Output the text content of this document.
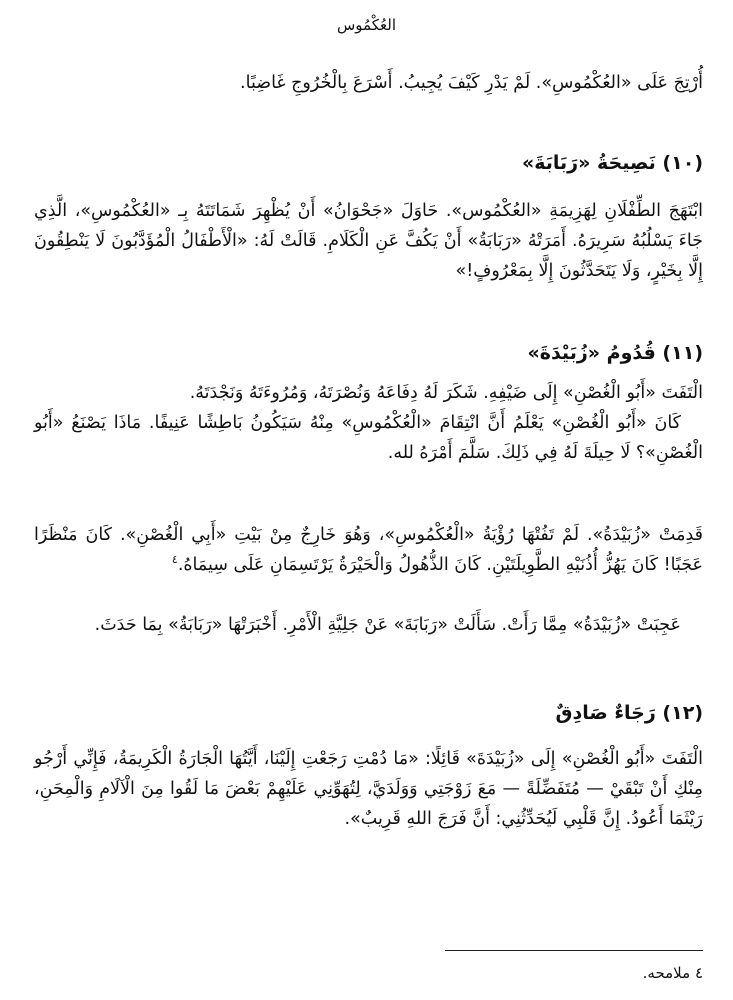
العُكْمُوس

أُرْتِجَ عَلَى «العُكْمُوسِ». لَمْ يَدْرِ كَيْفَ يُجِيبُ. أَسْرَعَ بِالْخُرُوجِ غَاضِبًا.

(١٠) نَصِيحَةُ «رَبَابَةَ»

ابْتَهَجَ الطِّفْلَانِ لِهَزِيمَةِ «العُكْمُوس». حَاوَلَ «جَحْوَانُ» أَنْ يُظْهِرَ شَمَاتَتَهُ بِـ «العُكْمُوسِ»، الَّذِي جَاءَ يَسْلُبُهُ سَرِيرَهُ. أَمَرَتْهُ «رَبَابَةُ» أَنْ يَكُفَّ عَنِ الْكَلَامِ. قَالَتْ لَهُ: «الْأَطْفَالُ الْمُؤَدَّبُونَ لَا يَنْطِقُونَ إِلَّا بِخَيْرٍ، وَلَا يَتَحَدَّثُونَ إِلَّا بِمَعْرُوفٍ!»

(١١) قُدُومُ «زُبَيْدَةَ»

الْتَفَتَ «أَبُو الْغُصْنِ» إِلَى ضَيْفِهِ. شَكَرَ لَهُ دِفَاعَهُ وَنُصْرَتَهُ، وَمُرُوءَتَهُ وَنَجْدَتَهُ.

كَانَ «أَبُو الْغُصْنِ» يَعْلَمُ أَنَّ انْتِقَامَ «الْعُكْمُوسِ» مِنْهُ سَيَكُونُ بَاطِشًا عَنِيفًا. مَاذَا يَصْنَعُ «أَبُو الْغُصْنِ»؟ لَا حِيلَةَ لَهُ فِي ذَلِكَ. سَلَّمَ أَمْرَهُ لله.

قَدِمَتْ «زُبَيْدَةُ». لَمْ تَفُتْهَا رُؤْيَةُ «الْعُكْمُوسِ»، وَهُوَ خَارِجٌ مِنْ بَيْتِ «أَبِي الْغُصْنِ». كَانَ مَنْظَرًا عَجَبًا! كَانَ يَهُزُّ أُذُنَيْهِ الطَّوِيلَتَيْنِ. كَانَ الذُّهُولُ وَالْحَيْرَةُ يَرْتَسِمَانِ عَلَى سِيمَاهُ.$^٤$

عَجِبَتْ «زُبَيْدَةُ» مِمَّا رَأَتْ. سَأَلَتْ «رَبَابَةَ» عَنْ جَلِيَّةِ الْأَمْرِ. أَخْبَرَتْهَا «رَبَابَةُ» بِمَا حَدَثَ.

(١٢) رَجَاءٌ صَادِقٌ

الْتَفَتَ «أَبُو الْغُصْنِ» إِلَى «زُبَيْدَةَ» قَائِلًا: «مَا دُمْتِ رَجَعْتِ إِلَيْنَا، أَيَّتُهَا الْجَارَةُ الْكَرِيمَةُ، فَإِنِّي أَرْجُو مِنْكِ أَنْ تَبْقَيْ — مُتَفَضِّلَةً — مَعَ زَوْجَتِي وَوَلَدَيَّ، لِتُهَوِّنِي عَلَيْهِمْ بَعْضَ مَا لَقُوا مِنَ الْآلَامِ وَالْمِحَنِ، رَيْثَمَا أَعُودُ. إِنَّ قَلْبِي لَيُحَدِّثُنِي: أَنَّ فَرَجَ اللهِ قَرِيبٌ».

٤ ملامحه.
